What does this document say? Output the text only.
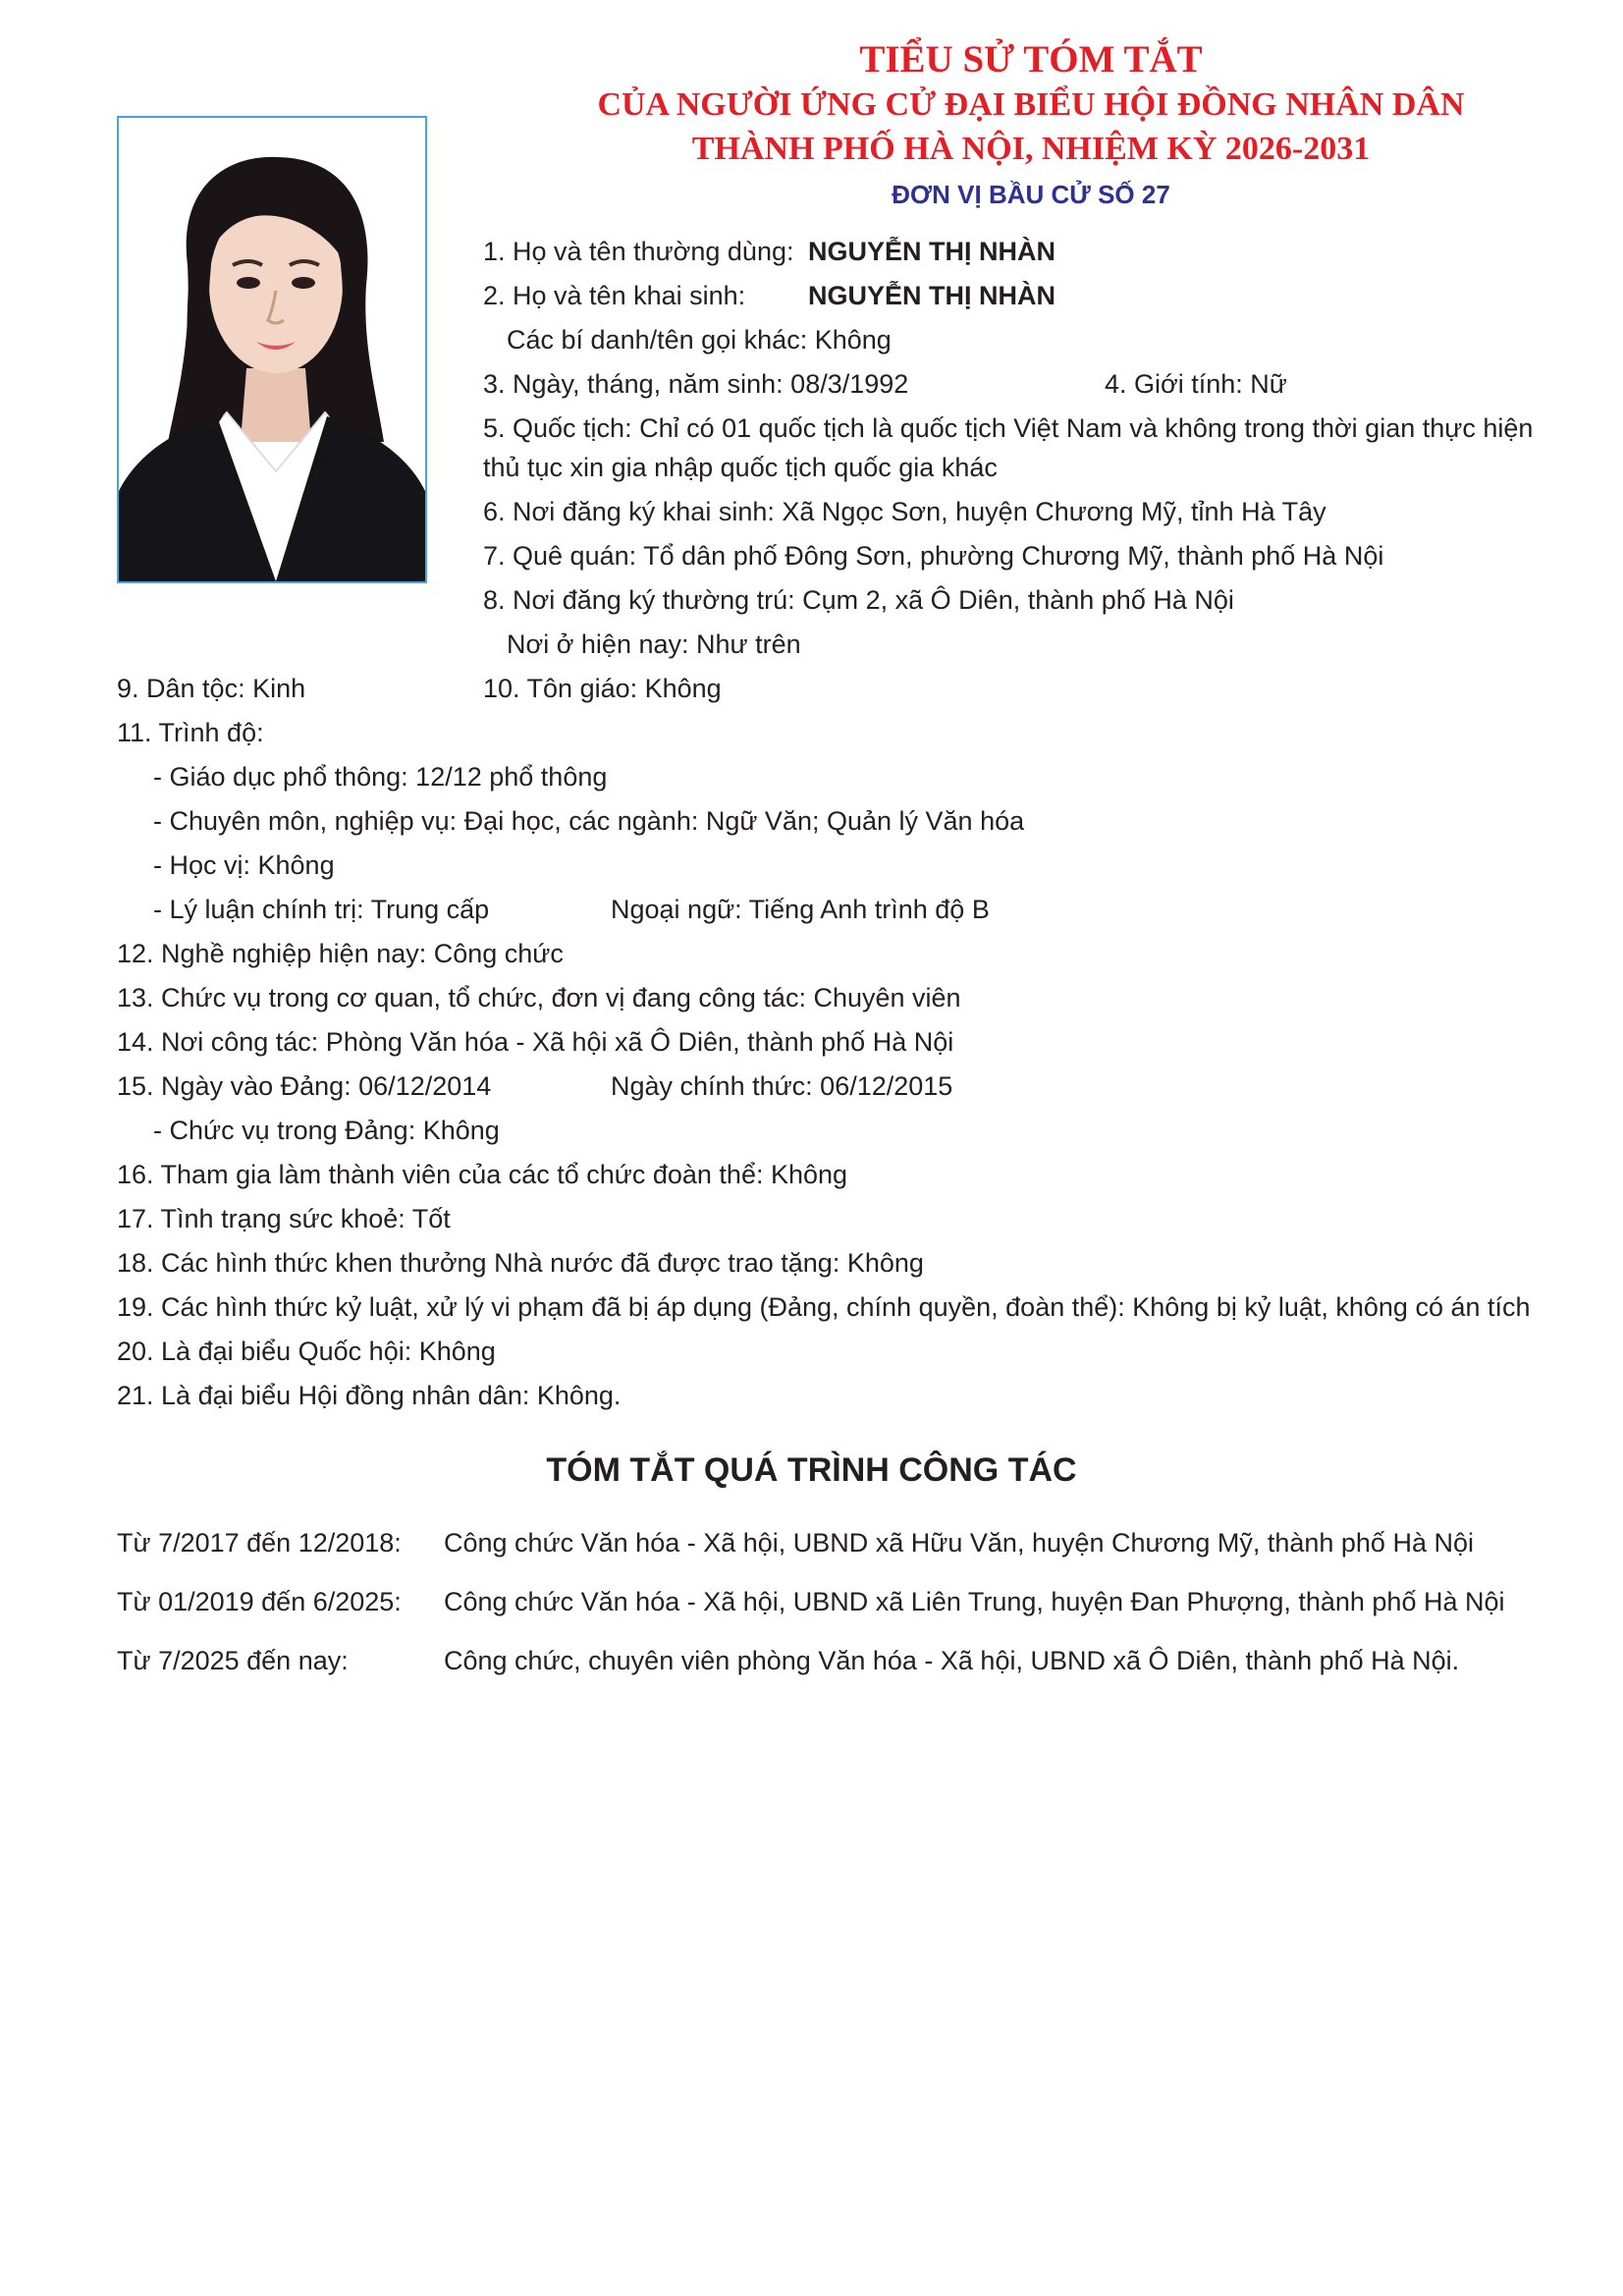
TIỂU SỬ TÓM TẮT
CỦA NGƯỜI ỨNG CỬ ĐẠI BIỂU HỘI ĐỒNG NHÂN DÂN
THÀNH PHỐ HÀ NỘI, NHIỆM KỲ 2026-2031
ĐƠN VỊ BẦU CỬ SỐ 27
1. Họ và tên thường dùng: NGUYỄN THỊ NHÀN
2. Họ và tên khai sinh: NGUYỄN THỊ NHÀN
Các bí danh/tên gọi khác: Không
3. Ngày, tháng, năm sinh: 08/3/1992	4. Giới tính: Nữ
5. Quốc tịch: Chỉ có 01 quốc tịch là quốc tịch Việt Nam và không trong thời gian thực hiện
thủ tục xin gia nhập quốc tịch quốc gia khác
6. Nơi đăng ký khai sinh: Xã Ngọc Sơn, huyện Chương Mỹ, tỉnh Hà Tây
7. Quê quán: Tổ dân phố Đông Sơn, phường Chương Mỹ, thành phố Hà Nội
8. Nơi đăng ký thường trú: Cụm 2, xã Ô Diên, thành phố Hà Nội
Nơi ở hiện nay: Như trên
9. Dân tộc: Kinh	10. Tôn giáo: Không
11. Trình độ:
- Giáo dục phổ thông: 12/12 phổ thông
- Chuyên môn, nghiệp vụ: Đại học, các ngành: Ngữ Văn; Quản lý Văn hóa
- Học vị: Không
- Lý luận chính trị: Trung cấp	Ngoại ngữ: Tiếng Anh trình độ B
12. Nghề nghiệp hiện nay: Công chức
13. Chức vụ trong cơ quan, tổ chức, đơn vị đang công tác: Chuyên viên
14. Nơi công tác: Phòng Văn hóa - Xã hội xã Ô Diên, thành phố Hà Nội
15. Ngày vào Đảng: 06/12/2014	Ngày chính thức: 06/12/2015
- Chức vụ trong Đảng: Không
16. Tham gia làm thành viên của các tổ chức đoàn thể: Không
17. Tình trạng sức khoẻ: Tốt
18. Các hình thức khen thưởng Nhà nước đã được trao tặng: Không
19. Các hình thức kỷ luật, xử lý vi phạm đã bị áp dụng (Đảng, chính quyền, đoàn thể): Không bị kỷ luật, không có án tích
20. Là đại biểu Quốc hội: Không
21. Là đại biểu Hội đồng nhân dân: Không.
TÓM TẮT QUÁ TRÌNH CÔNG TÁC
Từ 7/2017 đến 12/2018: Công chức Văn hóa - Xã hội, UBND xã Hữu Văn, huyện Chương Mỹ, thành phố Hà Nội
Từ 01/2019 đến 6/2025: Công chức Văn hóa - Xã hội, UBND xã Liên Trung, huyện Đan Phượng, thành phố Hà Nội
Từ 7/2025 đến nay:	Công chức, chuyên viên phòng Văn hóa - Xã hội, UBND xã Ô Diên, thành phố Hà Nội.
